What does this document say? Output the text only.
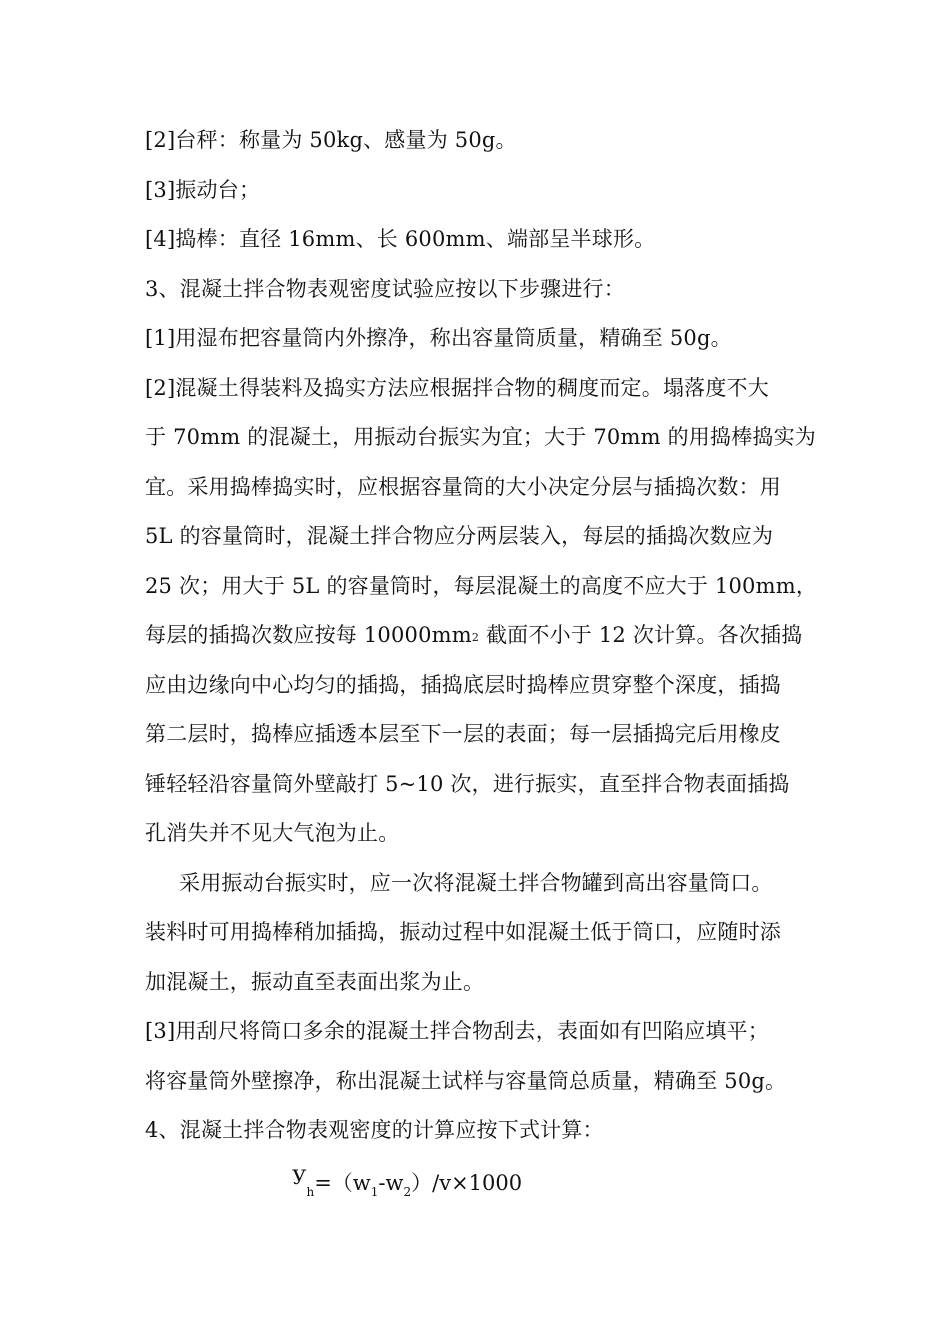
[2]台秤：称量为 50kg、感量为 50g。
[3]振动台；
[4]捣棒：直径 16mm、长 600mm、端部呈半球形。
3、混凝土拌合物表观密度试验应按以下步骤进行：
[1]用湿布把容量筒内外擦净，称出容量筒质量，精确至 50g。
[2]混凝土得装料及捣实方法应根据拌合物的稠度而定。塌落度不大
于 70mm 的混凝土，用振动台振实为宜；大于 70mm 的用捣棒捣实为
宜。采用捣棒捣实时，应根据容量筒的大小决定分层与插捣次数：用
5L 的容量筒时，混凝土拌合物应分两层装入，每层的插捣次数应为
25 次；用大于 5L 的容量筒时，每层混凝土的高度不应大于 100mm，
每层的插捣次数应按每 10000mm2 截面不小于 12 次计算。各次插捣
应由边缘向中心均匀的插捣，插捣底层时捣棒应贯穿整个深度，插捣
第二层时，捣棒应插透本层至下一层的表面；每一层插捣完后用橡皮
锤轻轻沿容量筒外壁敲打 5~10 次，进行振实，直至拌合物表面插捣
孔消失并不见大气泡为止。
采用振动台振实时，应一次将混凝土拌合物罐到高出容量筒口。
装料时可用捣棒稍加插捣，振动过程中如混凝土低于筒口，应随时添
加混凝土，振动直至表面出浆为止。
[3]用刮尺将筒口多余的混凝土拌合物刮去，表面如有凹陷应填平；
将容量筒外壁擦净，称出混凝土试样与容量筒总质量，精确至 50g。
4、混凝土拌合物表观密度的计算应按下式计算：
$У_h=(w_1-w_2)/v\times 1000$
